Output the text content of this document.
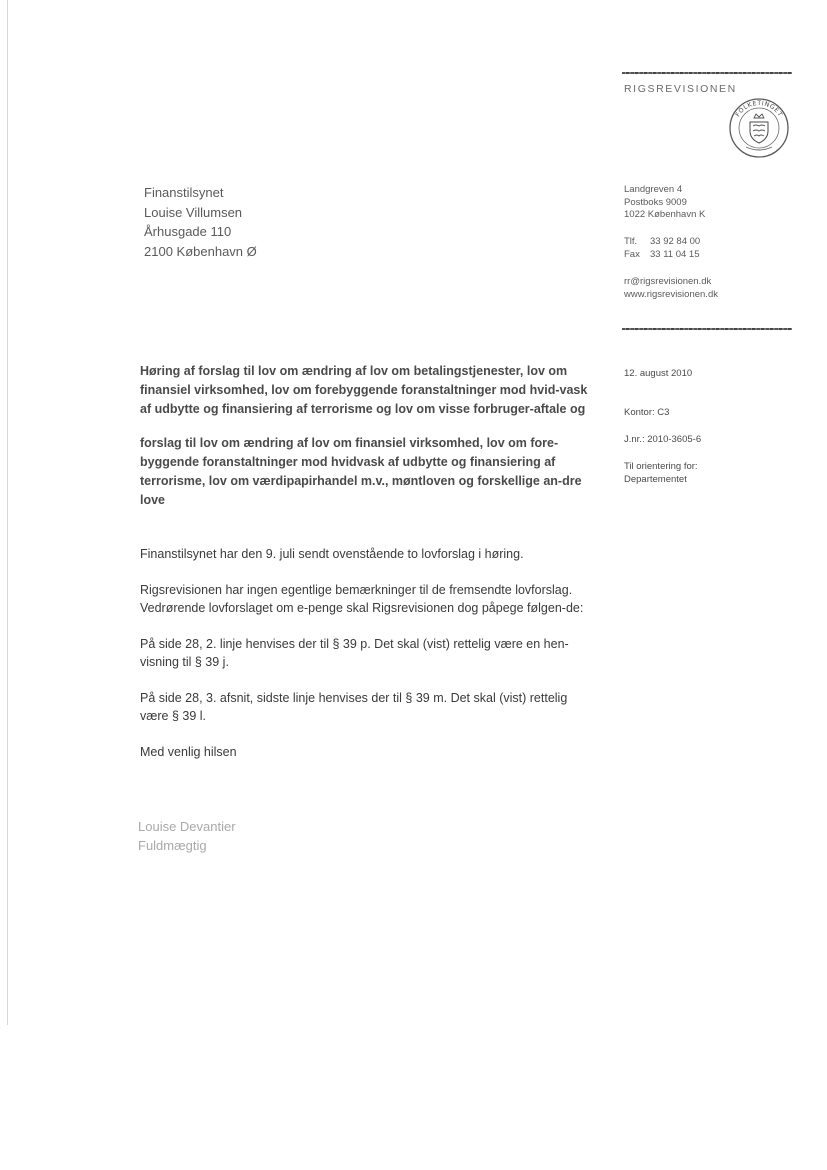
RIGSREVISIONEN
FOLKETINGET
Landgreven 4
Postboks 9009
1022 København K
Tlf. 33 92 84 00
Fax 33 11 04 15
rr@rigsrevisionen.dk
www.rigsrevisionen.dk
Finanstilsynet
Louise Villumsen
Århusgade 110
2100 København Ø
12. august 2010
Kontor: C3
J.nr.: 2010-3605-6
Til orientering for:
Departementet

Høring af forslag til lov om ændring af lov om betalingstjenester, lov om finansiel virksomhed, lov om forebyggende foranstaltninger mod hvid-vask af udbytte og finansiering af terrorisme og lov om visse forbruger-aftale og

forslag til lov om ændring af lov om finansiel virksomhed, lov om fore-byggende foranstaltninger mod hvidvask af udbytte og finansiering af terrorisme, lov om værdipapirhandel m.v., møntloven og forskellige an-dre love

Finanstilsynet har den 9. juli sendt ovenstående to lovforslag i høring.

Rigsrevisionen har ingen egentlige bemærkninger til de fremsendte lovforslag. Vedrørende lovforslaget om e-penge skal Rigsrevisionen dog påpege følgen-de:

På side 28, 2. linje henvises der til § 39 p. Det skal (vist) rettelig være en hen-visning til § 39 j.

På side 28, 3. afsnit, sidste linje henvises der til § 39 m. Det skal (vist) rettelig være § 39 l.

Med venlig hilsen

Louise Devantier
Fuldmægtig
